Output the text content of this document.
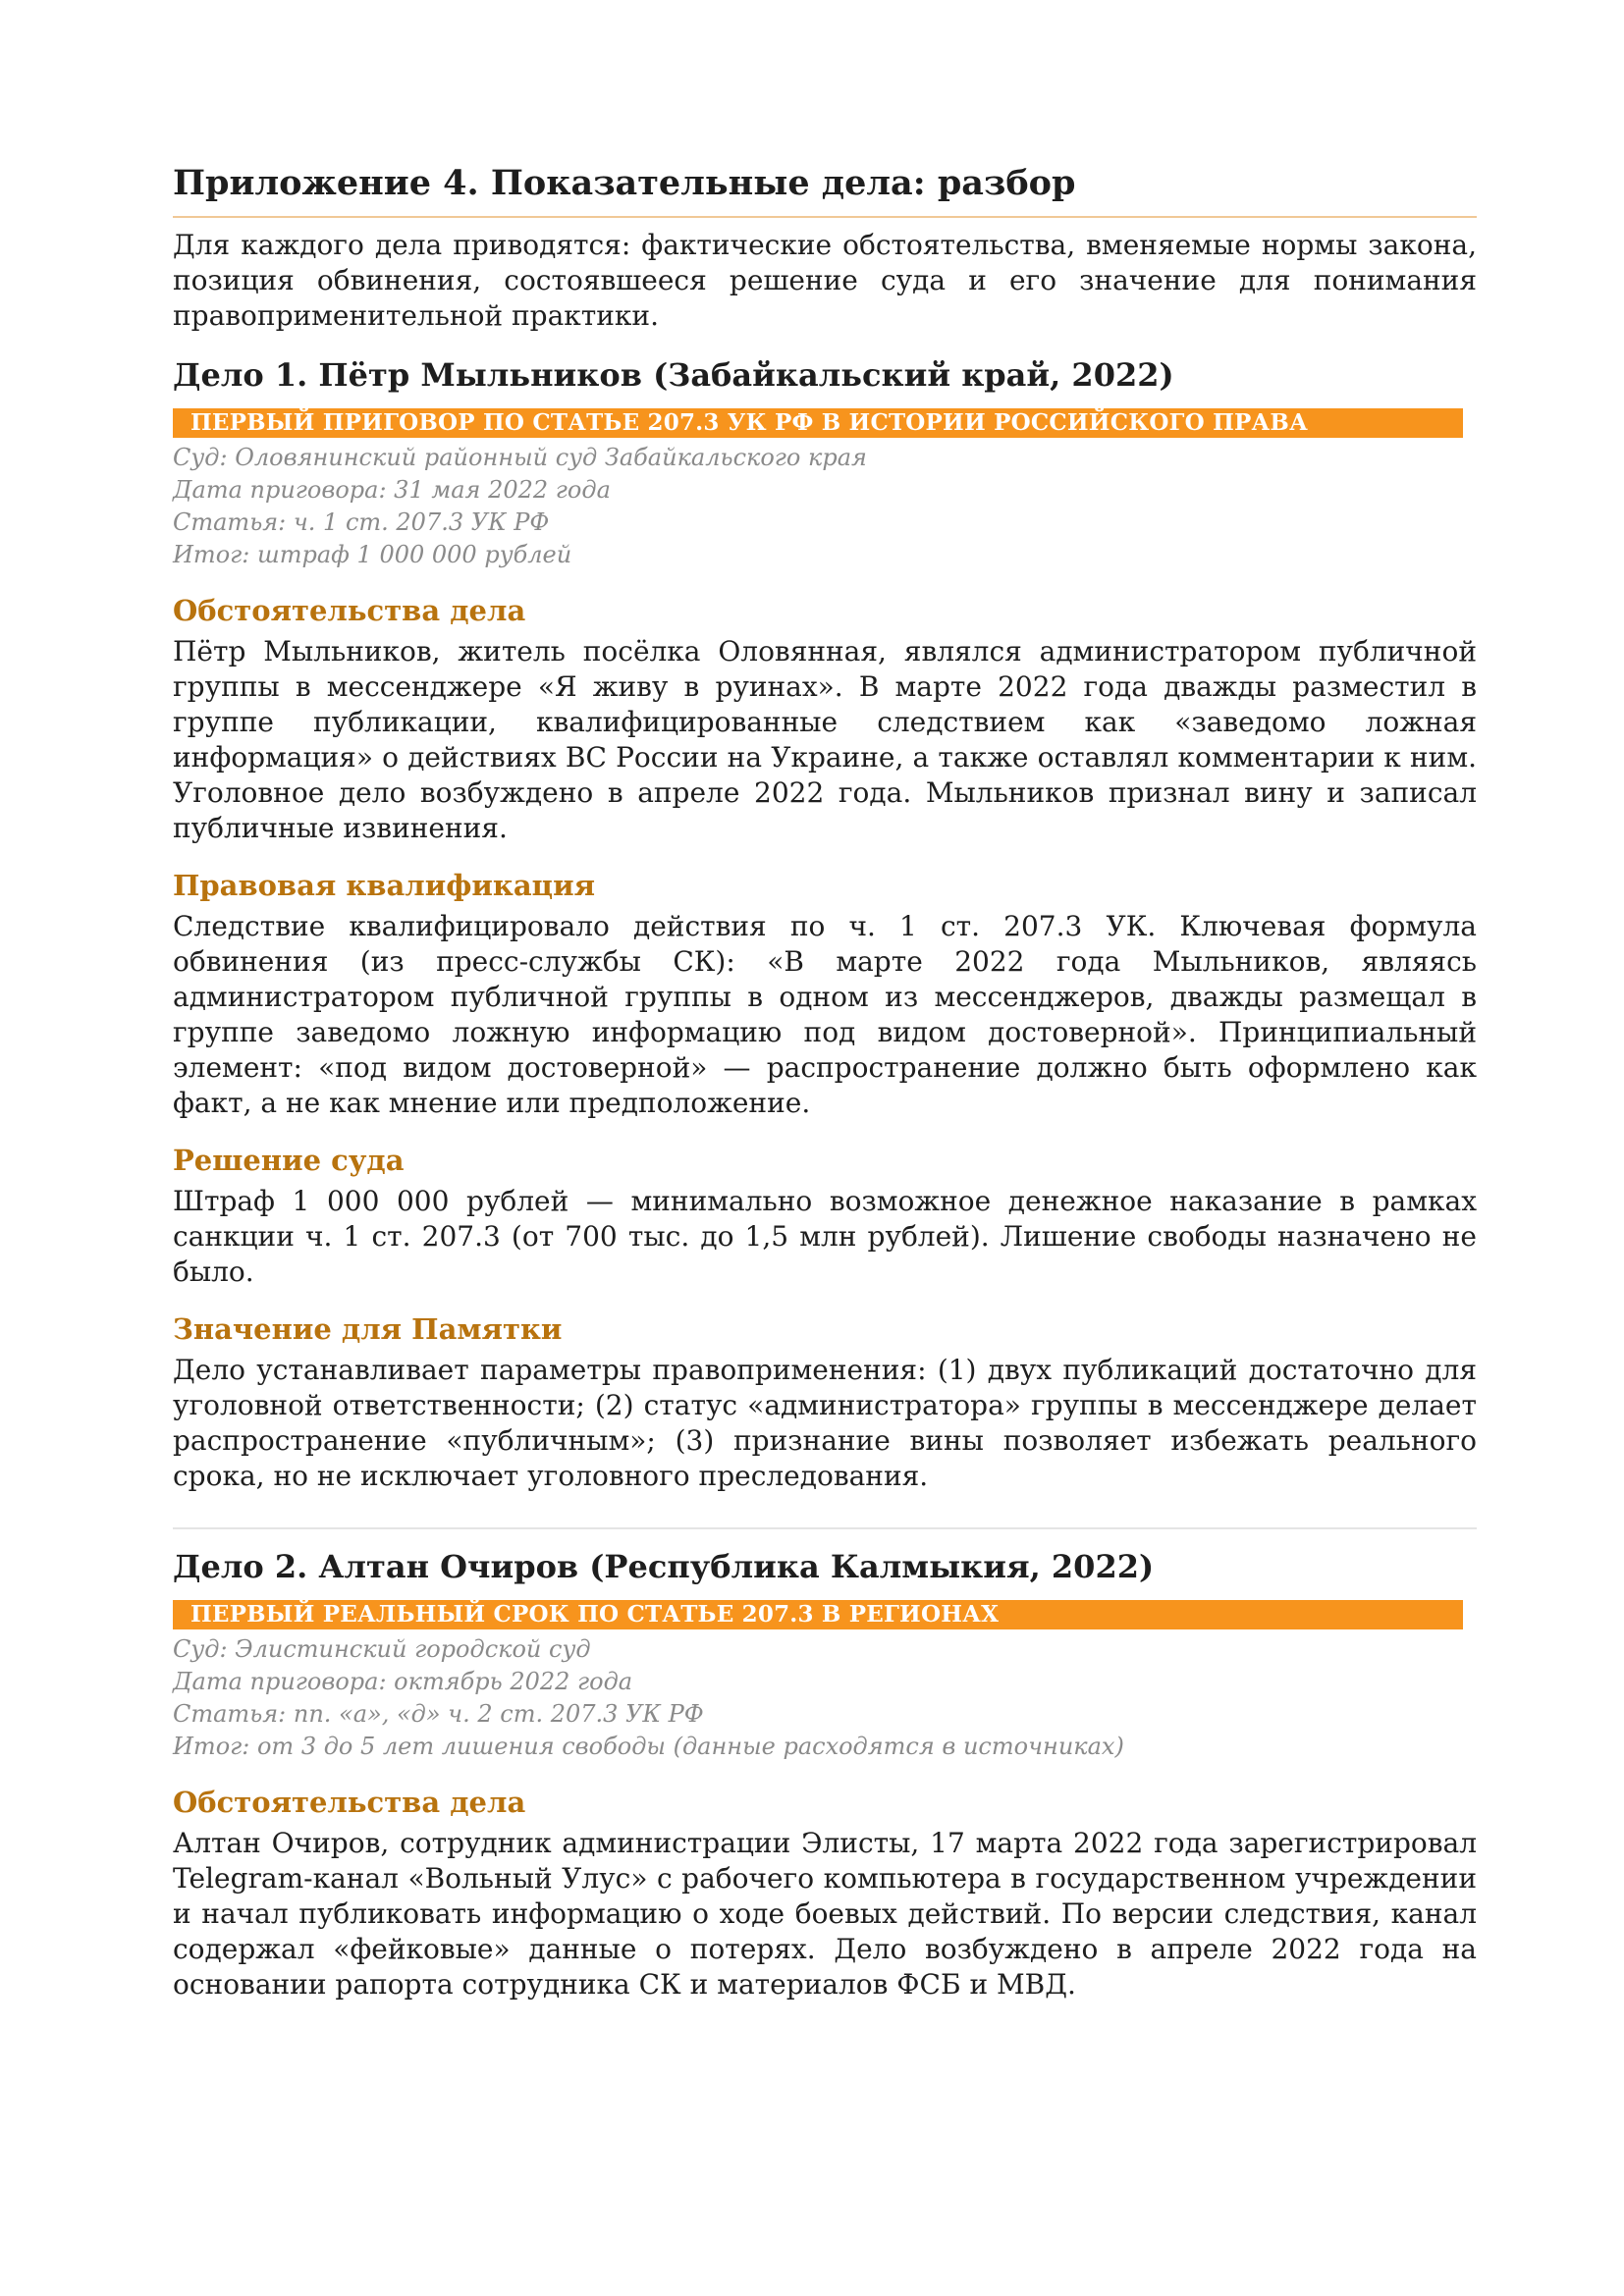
Приложение 4. Показательные дела: разбор

Для каждого дела приводятся: фактические обстоятельства, вменяемые нормы закона, позиция обвинения, состоявшееся решение суда и его значение для понимания правоприменительной практики.

Дело 1. Пётр Мыльников (Забайкальский край, 2022)
ПЕРВЫЙ ПРИГОВОР ПО СТАТЬЕ 207.3 УК РФ В ИСТОРИИ РОССИЙСКОГО ПРАВА

Суд: Оловянинский районный суд Забайкальского края

Дата приговора: 31 мая 2022 года

Статья: ч. 1 ст. 207.3 УК РФ

Итог: штраф 1 000 000 рублей

Обстоятельства дела

Пётр Мыльников, житель посёлка Оловянная, являлся администратором публичной группы в мессенджере «Я живу в руинах». В марте 2022 года дважды разместил в группе публикации, квалифицированные следствием как «заведомо ложная информация» о действиях ВС России на Украине, а также оставлял комментарии к ним. Уголовное дело возбуждено в апреле 2022 года. Мыльников признал вину и записал публичные извинения.

Правовая квалификация

Следствие квалифицировало действия по ч. 1 ст. 207.3 УК. Ключевая формула обвинения (из пресс-службы СК): «В марте 2022 года Мыльников, являясь администратором публичной группы в одном из мессенджеров, дважды размещал в группе заведомо ложную информацию под видом достоверной». Принципиальный элемент: «под видом достоверной» — распространение должно быть оформлено как факт, а не как мнение или предположение.

Решение суда

Штраф 1 000 000 рублей — минимально возможное денежное наказание в рамках санкции ч. 1 ст. 207.3 (от 700 тыс. до 1,5 млн рублей). Лишение свободы назначено не было.

Значение для Памятки

Дело устанавливает параметры правоприменения: (1) двух публикаций достаточно для уголовной ответственности; (2) статус «администратора» группы в мессенджере делает распространение «публичным»; (3) признание вины позволяет избежать реального срока, но не исключает уголовного преследования.

Дело 2. Алтан Очиров (Республика Калмыкия, 2022)
ПЕРВЫЙ РЕАЛЬНЫЙ СРОК ПО СТАТЬЕ 207.3 В РЕГИОНАХ

Суд: Элистинский городской суд

Дата приговора: октябрь 2022 года

Статья: пп. «а», «д» ч. 2 ст. 207.3 УК РФ

Итог: от 3 до 5 лет лишения свободы (данные расходятся в источниках)

Обстоятельства дела

Алтан Очиров, сотрудник администрации Элисты, 17 марта 2022 года зарегистрировал Telegram-канал «Вольный Улус» с рабочего компьютера в государственном учреждении и начал публиковать информацию о ходе боевых действий. По версии следствия, канал содержал «фейковые» данные о потерях. Дело возбуждено в апреле 2022 года на основании рапорта сотрудника СК и материалов ФСБ и МВД.
